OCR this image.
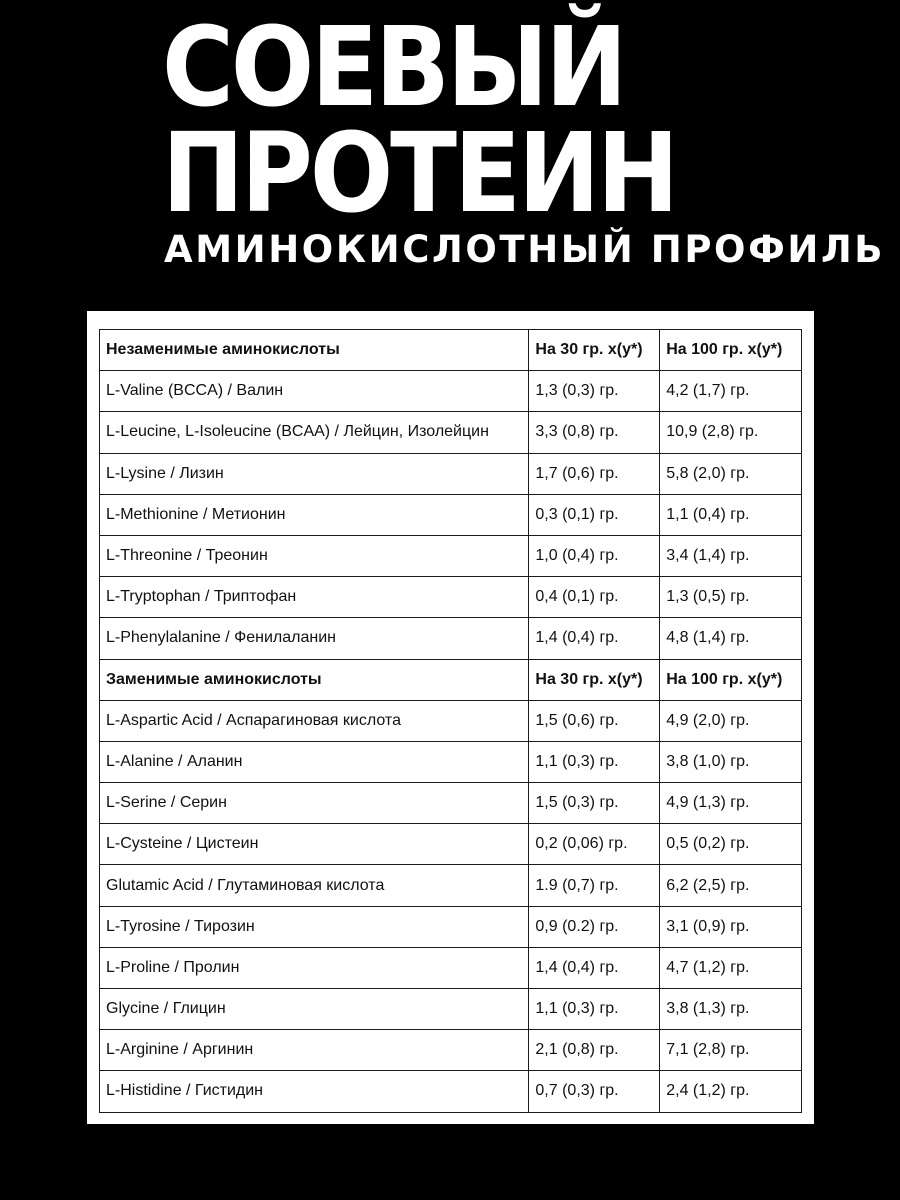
СОЕВЫЙ
ПРОТЕИН
АМИНОКИСЛОТНЫЙ ПРОФИЛЬ
Незаменимые аминокислоты	На 30 гр. х(у*)	На 100 гр. х(у*)
L-Valine (BCCA) / Валин	1,3 (0,3) гр.	4,2 (1,7) гр.
L-Leucine, L-Isoleucine (BCAA) / Лейцин, Изолейцин	3,3 (0,8) гр.	10,9 (2,8) гр.
L-Lysine / Лизин	1,7 (0,6) гр.	5,8 (2,0) гр.
L-Methionine / Метионин	0,3 (0,1) гр.	1,1 (0,4) гр.
L-Threonine / Треонин	1,0 (0,4) гр.	3,4 (1,4) гр.
L-Tryptophan / Триптофан	0,4 (0,1) гр.	1,3 (0,5) гр.
L-Phenylalanine / Фенилаланин	1,4 (0,4) гр.	4,8 (1,4) гр.
Заменимые аминокислоты	На 30 гр. х(у*)	На 100 гр. х(у*)
L-Aspartic Acid / Аспарагиновая кислота	1,5 (0,6) гр.	4,9 (2,0) гр.
L-Alanine / Аланин	1,1 (0,3) гр.	3,8 (1,0) гр.
L-Serine / Серин	1,5 (0,3) гр.	4,9 (1,3) гр.
L-Cysteine / Цистеин	0,2 (0,06) гр.	0,5 (0,2) гр.
Glutamic Acid / Глутаминовая кислота	1.9 (0,7) гр.	6,2 (2,5) гр.
L-Tyrosine / Тирозин	0,9 (0.2) гр.	3,1 (0,9) гр.
L-Proline / Пролин	1,4 (0,4) гр.	4,7 (1,2) гр.
Glycine / Глицин	1,1 (0,3) гр.	3,8 (1,3) гр.
L-Arginine / Аргинин	2,1 (0,8) гр.	7,1 (2,8) гр.
L-Histidine / Гистидин	0,7 (0,3) гр.	2,4 (1,2) гр.
